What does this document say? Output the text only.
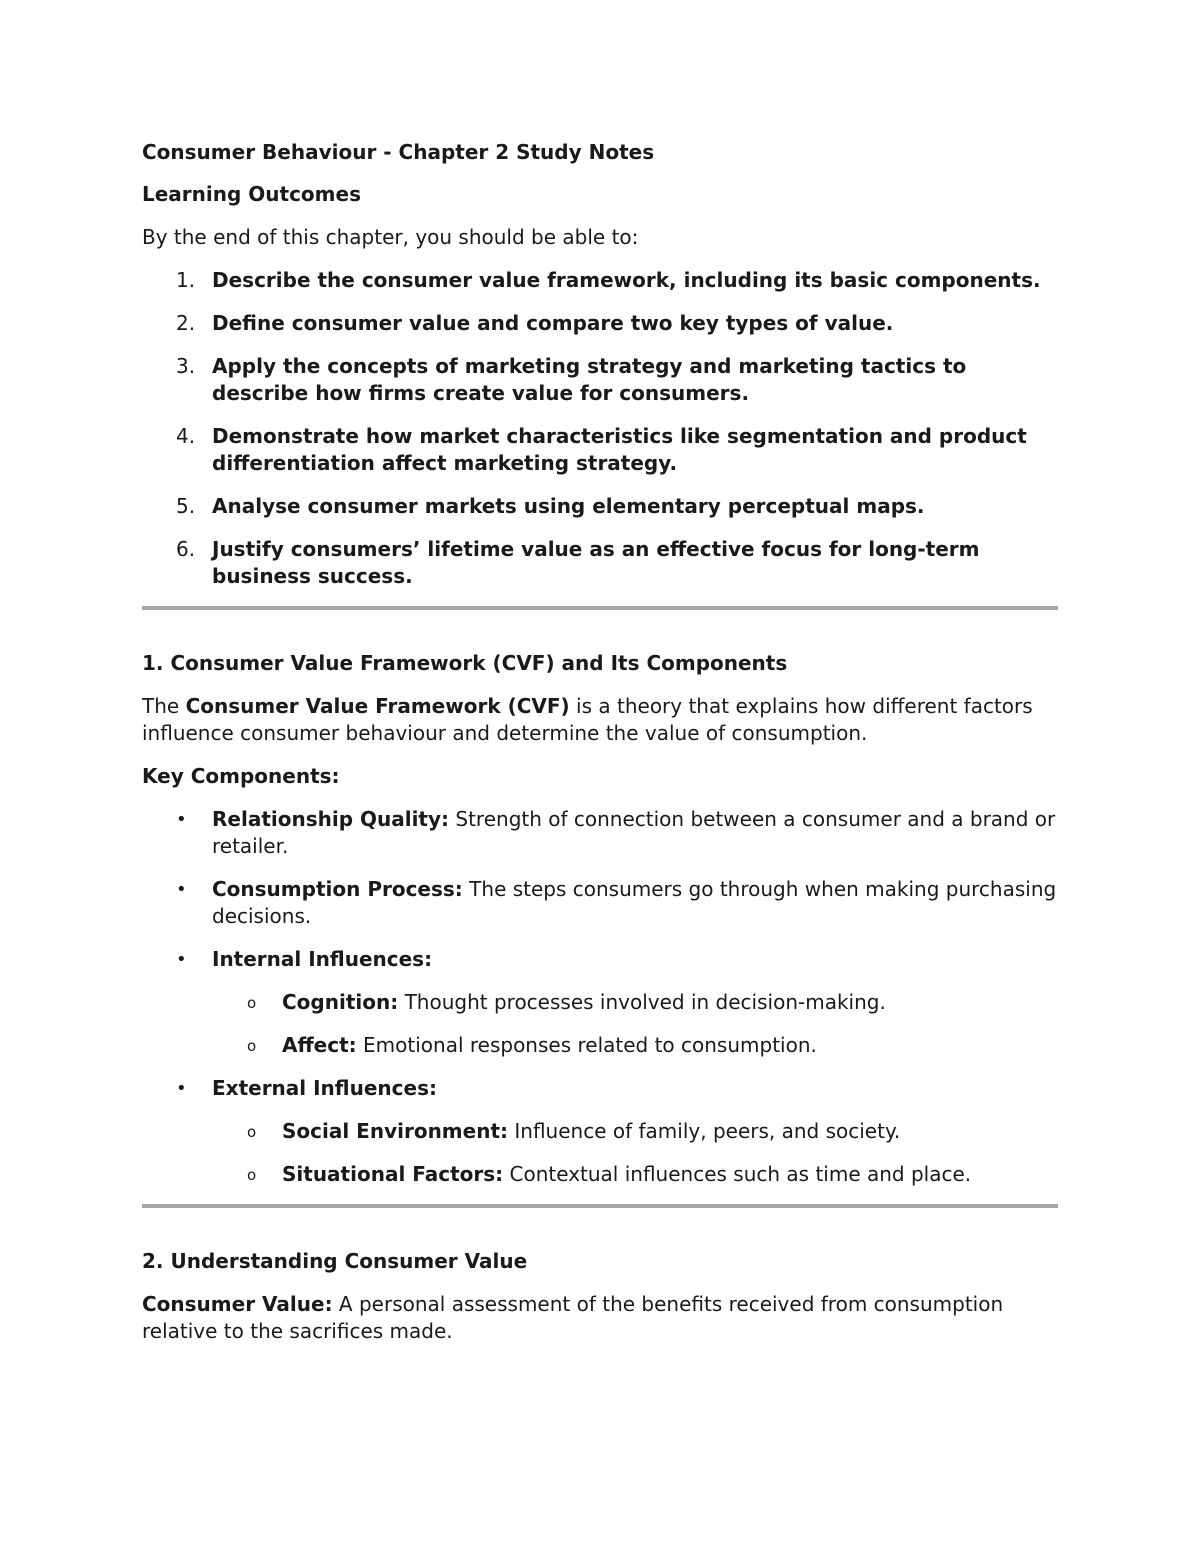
Consumer Behaviour - Chapter 2 Study Notes

Learning Outcomes

By the end of this chapter, you should be able to:

1. Describe the consumer value framework, including its basic components.
2. Define consumer value and compare two key types of value.
3. Apply the concepts of marketing strategy and marketing tactics to describe how firms create value for consumers.
4. Demonstrate how market characteristics like segmentation and product differentiation affect marketing strategy.
5. Analyse consumer markets using elementary perceptual maps.
6. Justify consumers’ lifetime value as an effective focus for long-term business success.

1. Consumer Value Framework (CVF) and Its Components

The Consumer Value Framework (CVF) is a theory that explains how different factors influence consumer behaviour and determine the value of consumption.

Key Components:

• Relationship Quality: Strength of connection between a consumer and a brand or retailer.
• Consumption Process: The steps consumers go through when making purchasing decisions.
• Internal Influences:
o Cognition: Thought processes involved in decision-making.
o Affect: Emotional responses related to consumption.
• External Influences:
o Social Environment: Influence of family, peers, and society.
o Situational Factors: Contextual influences such as time and place.

2. Understanding Consumer Value

Consumer Value: A personal assessment of the benefits received from consumption relative to the sacrifices made.
